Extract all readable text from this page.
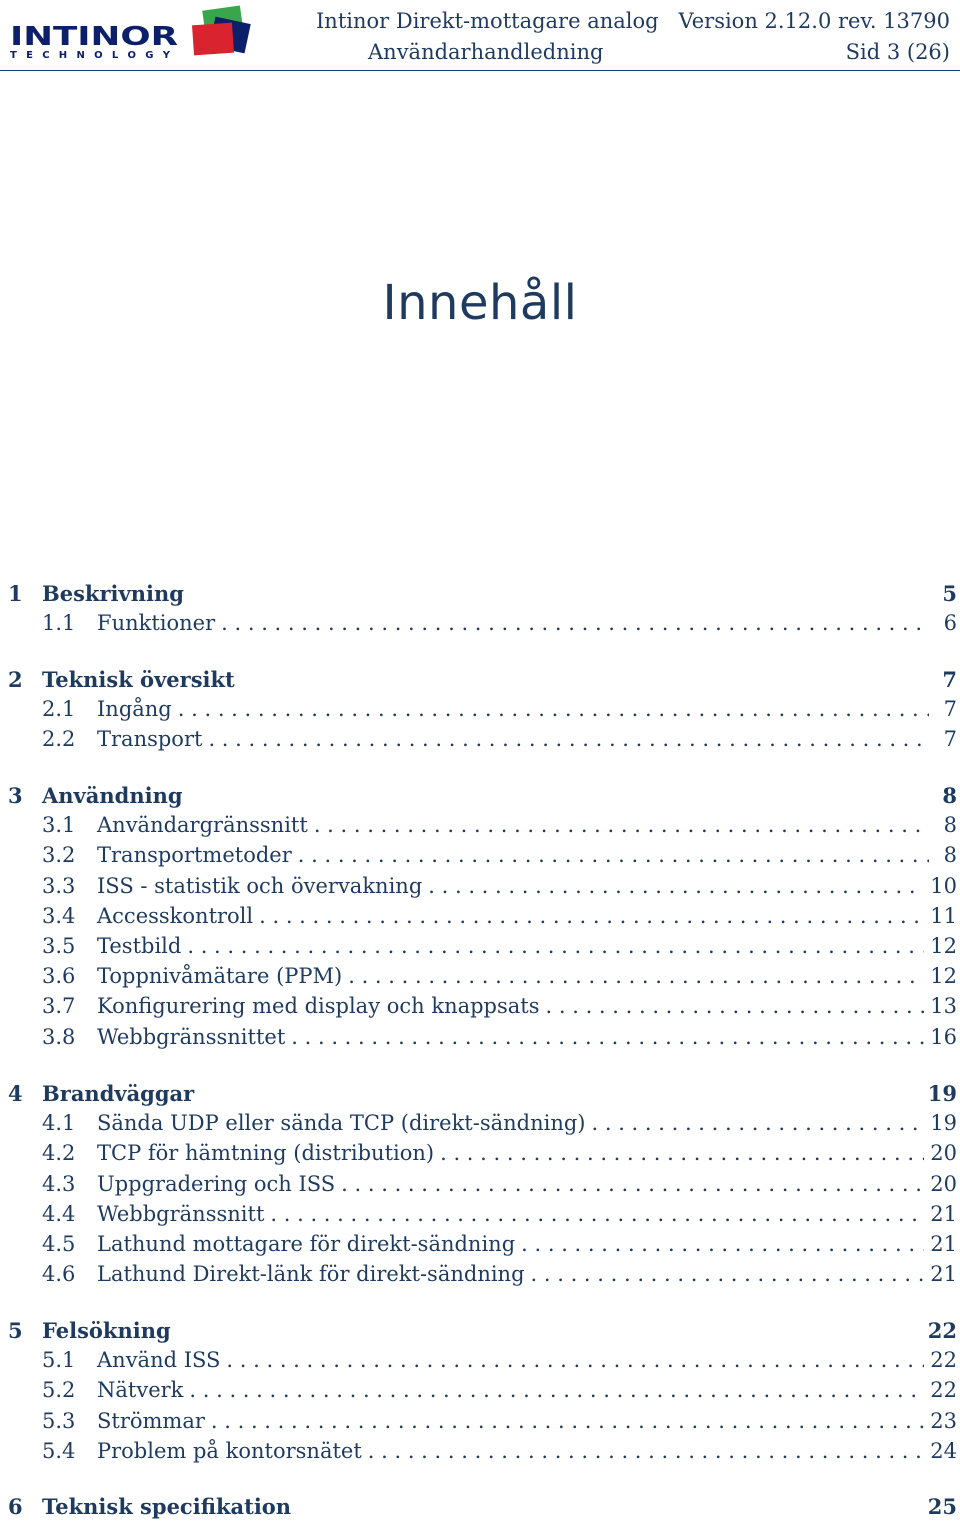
INTINOR
T E C H N O L O G Y
Intinor Direkt-mottagare analog Version 2.12.0 rev. 13790
Användarhandledning	Sid 3 (26)
Innehåll
1 Beskrivning	5
1.1	Funktioner . . .	6
2 Teknisk översikt	7
2.1	Ingång . . .	7
2.2	Transport . . .	7
3 Användning	8
3.1	Användargränssnitt . . .	8
3.2	Transportmetoder . . .	8
3.3	ISS - statistik och övervakning . . .	10
3.4	Accesskontroll . . .	11
3.5	Testbild . . .	12
3.6	Toppnivåmätare (PPM) . . .	12
3.7	Konfigurering med display och knappsats . . .	13
3.8	Webbgränssnittet . . .	16
4 Brandväggar	19
4.1	Sända UDP eller sända TCP (direkt-sändning) . . .	19
4.2	TCP för hämtning (distribution) . . .	20
4.3	Uppgradering och ISS . . .	20
4.4	Webbgränssnitt . . .	21
4.5	Lathund mottagare för direkt-sändning . . .	21
4.6	Lathund Direkt-länk för direkt-sändning . . .	21
5 Felsökning	22
5.1	Använd ISS . . .	22
5.2	Nätverk . . .	22
5.3	Strömmar . . .	23
5.4	Problem på kontorsnätet . . .	24
6 Teknisk specifikation	25
